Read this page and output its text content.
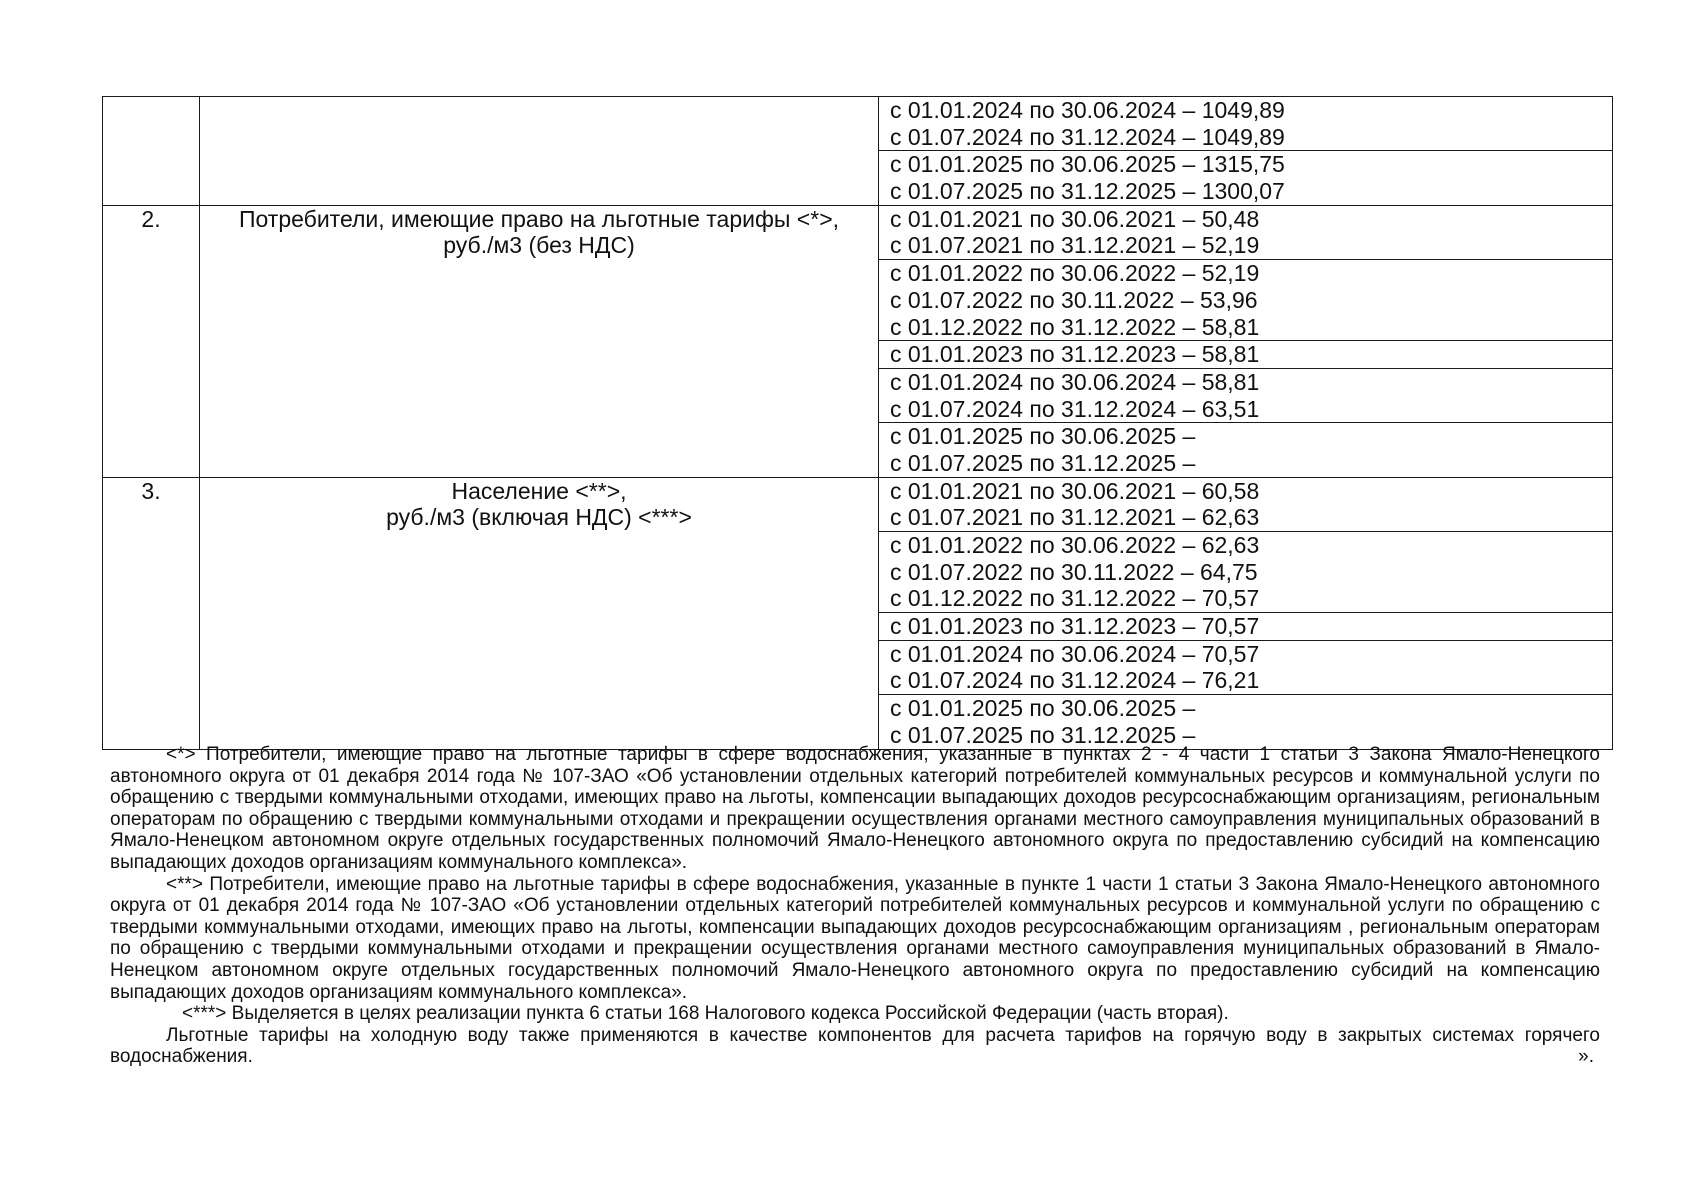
		с 01.01.2024 по 30.06.2024 – 1049,89
с 01.07.2024 по 31.12.2024 – 1049,89

		с 01.01.2025 по 30.06.2025 – 1315,75
с 01.07.2025 по 31.12.2025 – 1300,07

2.	Потребители, имеющие право на льготные тарифы <*>,
руб./м3 (без НДС)	с 01.01.2021 по 30.06.2021 – 50,48
с 01.07.2021 по 31.12.2021 – 52,19

		с 01.01.2022 по 30.06.2022 – 52,19
с 01.07.2022 по 30.11.2022 – 53,96
с 01.12.2022 по 31.12.2022 – 58,81

		с 01.01.2023 по 31.12.2023 – 58,81

		с 01.01.2024 по 30.06.2024 – 58,81
с 01.07.2024 по 31.12.2024 – 63,51

		с 01.01.2025 по 30.06.2025 –
с 01.07.2025 по 31.12.2025 –

3.	Население <**>,
руб./м3 (включая НДС) <***>	с 01.01.2021 по 30.06.2021 – 60,58
с 01.07.2021 по 31.12.2021 – 62,63

		с 01.01.2022 по 30.06.2022 – 62,63
с 01.07.2022 по 30.11.2022 – 64,75
с 01.12.2022 по 31.12.2022 – 70,57

		с 01.01.2023 по 31.12.2023 – 70,57

		с 01.01.2024 по 30.06.2024 – 70,57
с 01.07.2024 по 31.12.2024 – 76,21

		с 01.01.2025 по 30.06.2025 –
с 01.07.2025 по 31.12.2025 –

<*> Потребители, имеющие право на льготные тарифы в сфере водоснабжения, указанные в пунктах 2 - 4 части 1 статьи 3 Закона Ямало-Ненецкого автономного округа от 01 декабря 2014 года № 107-ЗАО «Об установлении отдельных категорий потребителей коммунальных ресурсов и коммунальной услуги по обращению с твердыми коммунальными отходами, имеющих право на льготы, компенсации выпадающих доходов ресурсоснабжающим организациям, региональным операторам по обращению с твердыми коммунальными отходами и прекращении осуществления органами местного самоуправления муниципальных образований в Ямало-Ненецком автономном округе отдельных государственных полномочий Ямало-Ненецкого автономного округа по предоставлению субсидий на компенсацию выпадающих доходов организациям коммунального комплекса».

<**> Потребители, имеющие право на льготные тарифы в сфере водоснабжения, указанные в пункте 1 части 1 статьи 3 Закона Ямало-Ненецкого автономного округа от 01 декабря 2014 года № 107-ЗАО «Об установлении отдельных категорий потребителей коммунальных ресурсов и коммунальной услуги по обращению с твердыми коммунальными отходами, имеющих право на льготы, компенсации выпадающих доходов ресурсоснабжающим организациям , региональным операторам по обращению с твердыми коммунальными отходами и прекращении осуществления органами местного самоуправления муниципальных образований в Ямало-Ненецком автономном округе отдельных государственных полномочий Ямало-Ненецкого автономного округа по предоставлению субсидий на компенсацию выпадающих доходов организациям коммунального комплекса».

<***> Выделяется в целях реализации пункта 6 статьи 168 Налогового кодекса Российской Федерации (часть вторая).

Льготные тарифы на холодную воду также применяются в качестве компонентов для расчета тарифов на горячую воду в закрытых системах горячего водоснабжения.	».
